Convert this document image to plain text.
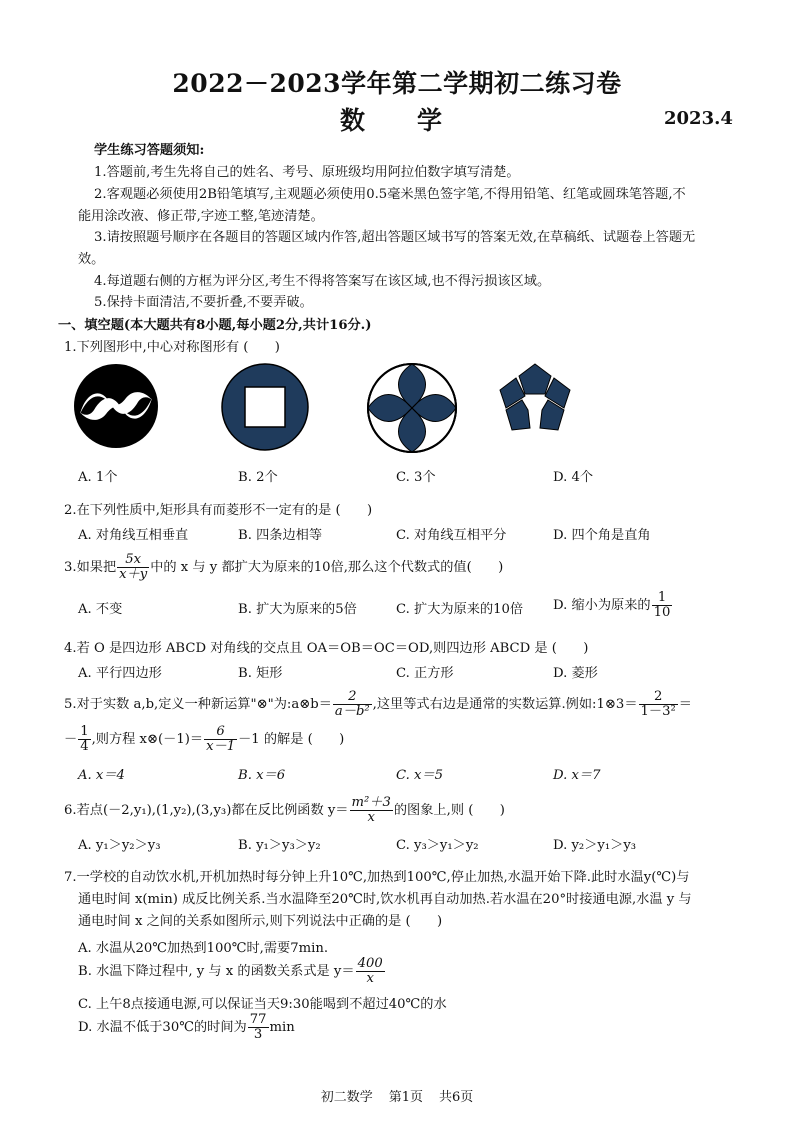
2022－2023学年第二学期初二练习卷
数学	2023.4
学生练习答题须知:
1.答题前,考生先将自己的姓名、考号、原班级均用阿拉伯数字填写清楚。
2.客观题必须使用2B铅笔填写,主观题必须使用0.5毫米黑色签字笔,不得用铅笔、红笔或圆珠笔答题,不
能用涂改液、修正带,字迹工整,笔迹清楚。
3.请按照题号顺序在各题目的答题区域内作答,超出答题区域书写的答案无效,在草稿纸、试题卷上答题无
效。
4.每道题右侧的方框为评分区,考生不得将答案写在该区域,也不得污损该区域。
5.保持卡面清洁,不要折叠,不要弄破。
一、填空题(本大题共有8小题,每小题2分,共计16分.)
1.下列图形中,中心对称图形有 (　　)
A. 1个	B. 2个	C. 3个	D. 4个
2.在下列性质中,矩形具有而菱形不一定有的是 (　　)
A. 对角线互相垂直	B. 四条边相等	C. 对角线互相平分	D. 四个角是直角
3.如果把 $\frac{5x}{x+y}$ 中的 x 与 y 都扩大为原来的10倍,那么这个代数式的值(　　)
A. 不变	B. 扩大为原来的5倍	C. 扩大为原来的10倍 D. 缩小为原来的 $\frac{1}{10}$
4.若 O 是四边形 ABCD 对角线的交点且 OA＝OB＝OC＝OD,则四边形 ABCD 是 (　　)
A. 平行四边形	B. 矩形	C. 正方形	D. 菱形
5.对于实数 a,b,定义一种新运算"⊗"为:a⊗b＝ $\frac{2}{\text{a－b²}}$ ,这里等式右边是通常的实数运算.例如:1⊗3＝ $\frac{2}{\text{1－3²}}$ ＝
－ $\frac{1}{4}$ ,则方程 x⊗(－1)＝ $\frac{6}{x-1} -1$ 的解是 (　　)
A. x＝4	B. x＝6	C. x＝5	D. x＝7
6.若点(－2,y₁),(1,y₂),(3,y₃)都在反比例函数 $y= \frac{\text{m²＋3}}{x}$ 的图象上,则 (　　)
A. y₁＞y₂＞y₃	B. y₁＞y₃＞y₂	C. y₃＞y₁＞y₂	D. y₂＞y₁＞y₃
7.一学校的自动饮水机,开机加热时每分钟上升10℃,加热到100℃,停止加热,水温开始下降.此时水温y(℃)与
通电时间 x(min) 成反比例关系.当水温降至20℃时,饮水机再自动加热.若水温在20°时接通电源,水温 y 与
通电时间 x 之间的关系如图所示,则下列说法中正确的是 (　　)
A. 水温从20℃加热到100℃时,需要7min.
B. 水温下降过程中, y 与 x 的函数关系式是 $y= \frac{400}{x}$
C. 上午8点接通电源,可以保证当天9:30能喝到不超过40℃的水
D. 水温不低于30℃的时间为 $\frac{77}{3}$ min
初二数学 第1页 共6页
